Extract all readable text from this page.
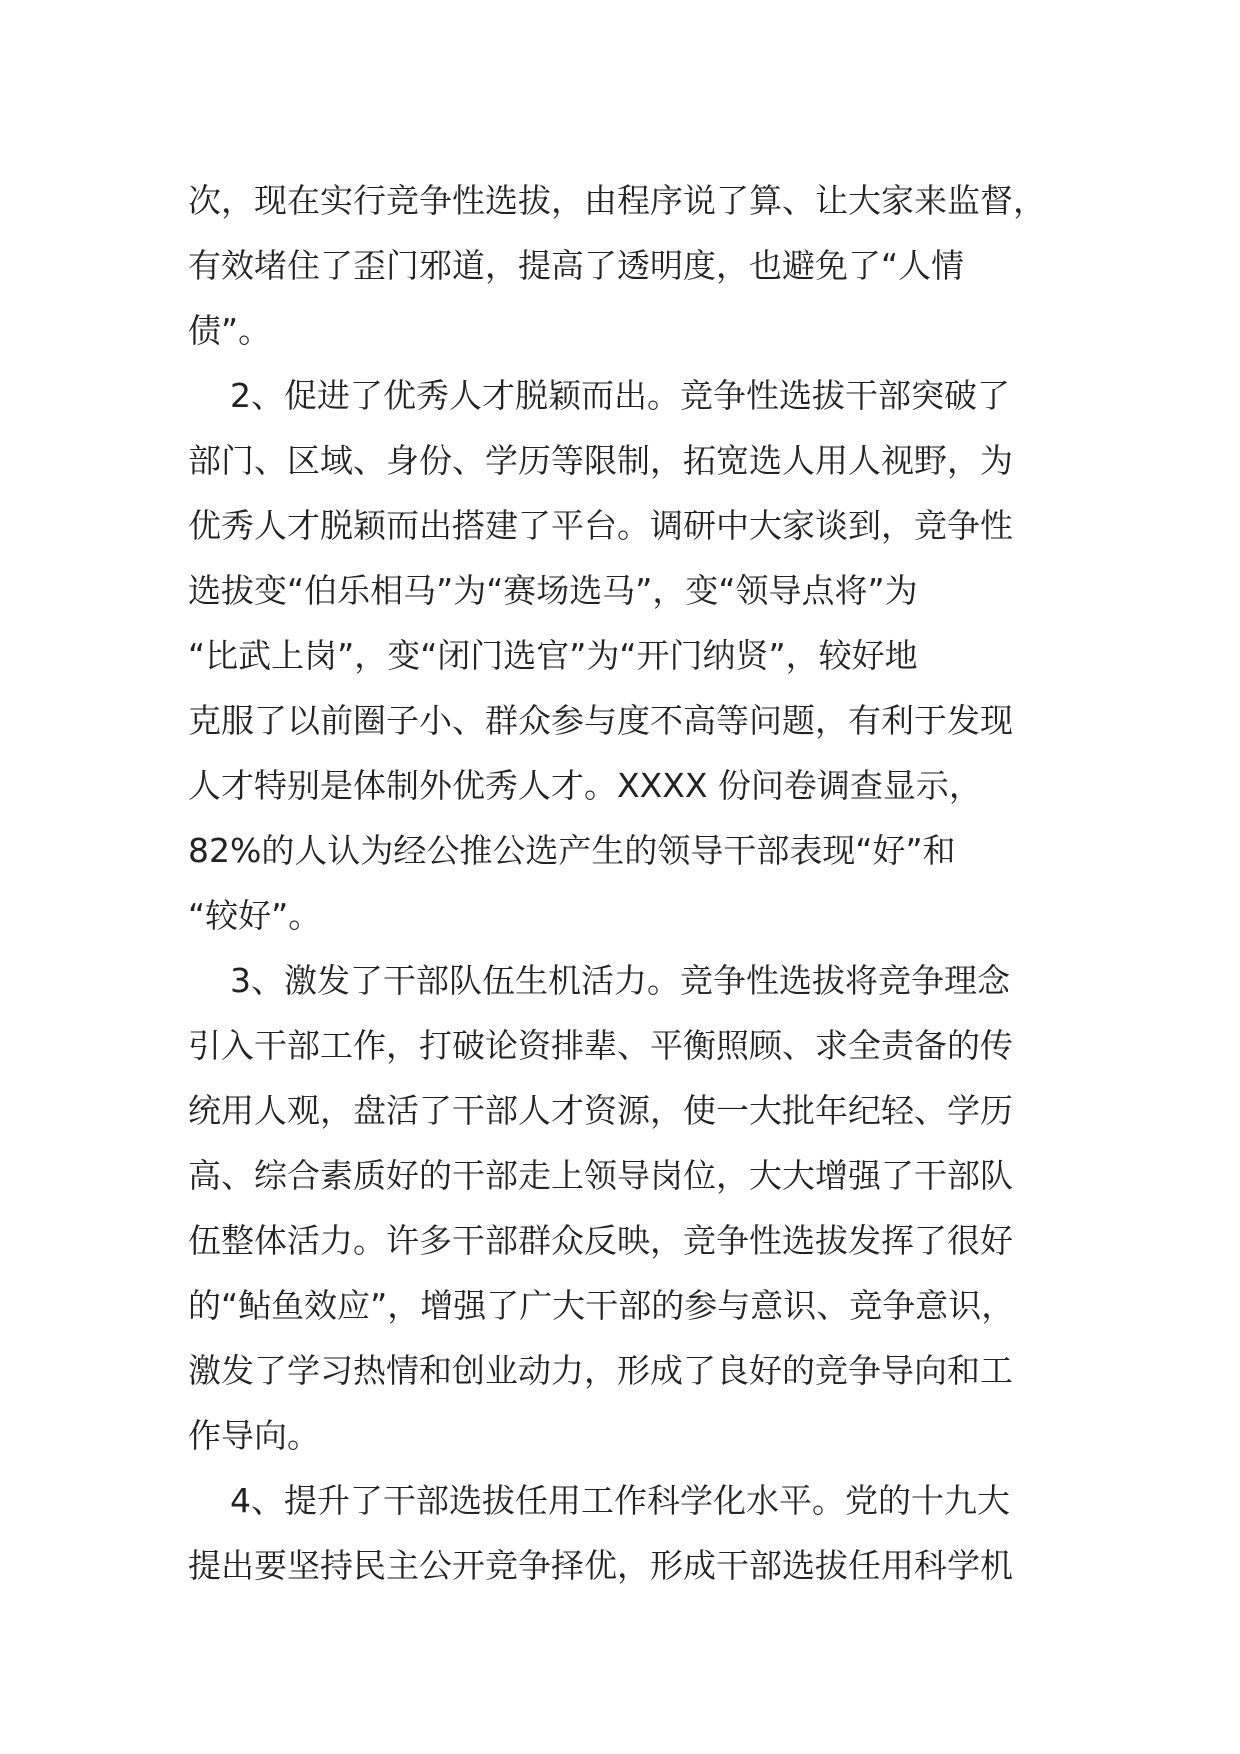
次，现在实行竞争性选拔，由程序说了算、让大家来监督，
有效堵住了歪门邪道，提高了透明度，也避免了“人情
债”。
2、促进了优秀人才脱颖而出。竞争性选拔干部突破了
部门、区域、身份、学历等限制，拓宽选人用人视野，为
优秀人才脱颖而出搭建了平台。调研中大家谈到，竞争性
选拔变“伯乐相马”为“赛场选马”，变“领导点将”为
“比武上岗”，变“闭门选官”为“开门纳贤”，较好地
克服了以前圈子小、群众参与度不高等问题，有利于发现
人才特别是体制外优秀人才。XXXX 份问卷调查显示，
82%的人认为经公推公选产生的领导干部表现“好”和
“较好”。
3、激发了干部队伍生机活力。竞争性选拔将竞争理念
引入干部工作，打破论资排辈、平衡照顾、求全责备的传
统用人观，盘活了干部人才资源，使一大批年纪轻、学历
高、综合素质好的干部走上领导岗位，大大增强了干部队
伍整体活力。许多干部群众反映，竞争性选拔发挥了很好
的“鲇鱼效应”，增强了广大干部的参与意识、竞争意识，
激发了学习热情和创业动力，形成了良好的竞争导向和工
作导向。
4、提升了干部选拔任用工作科学化水平。党的十九大
提出要坚持民主公开竞争择优，形成干部选拔任用科学机
